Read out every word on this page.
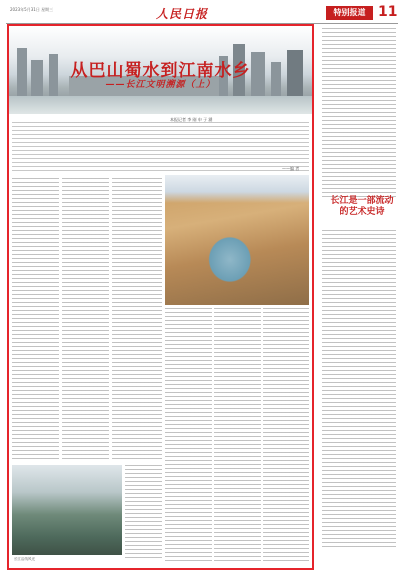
2023年5月31日 星期三	人民日报	特别报道 11
从巴山蜀水到江南水乡
——长江文明溯源（上）
本报记者 李 刚 申 子 涵
——编 者
长江沿线风光
长江是一部流动的艺术史诗
